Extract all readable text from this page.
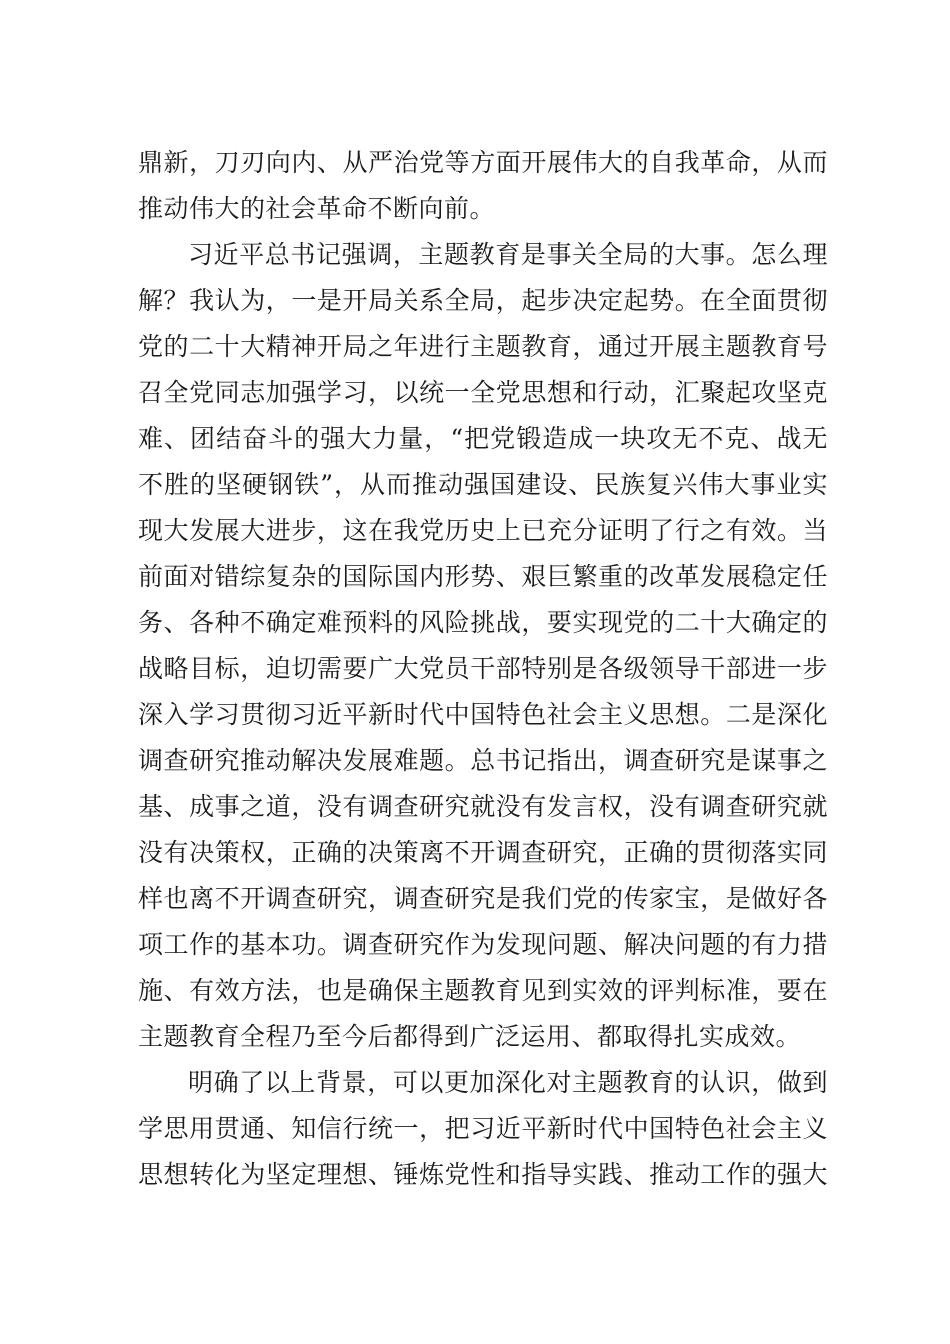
鼎新，刀刃向内、从严治党等方面开展伟大的自我革命，从而
推动伟大的社会革命不断向前。
习近平总书记强调，主题教育是事关全局的大事。怎么理
解？我认为，一是开局关系全局，起步决定起势。在全面贯彻
党的二十大精神开局之年进行主题教育，通过开展主题教育号
召全党同志加强学习，以统一全党思想和行动，汇聚起攻坚克
难、团结奋斗的强大力量，“把党锻造成一块攻无不克、战无
不胜的坚硬钢铁”，从而推动强国建设、民族复兴伟大事业实
现大发展大进步，这在我党历史上已充分证明了行之有效。当
前面对错综复杂的国际国内形势、艰巨繁重的改革发展稳定任
务、各种不确定难预料的风险挑战，要实现党的二十大确定的
战略目标，迫切需要广大党员干部特别是各级领导干部进一步
深入学习贯彻习近平新时代中国特色社会主义思想。二是深化
调查研究推动解决发展难题。总书记指出，调查研究是谋事之
基、成事之道，没有调查研究就没有发言权，没有调查研究就
没有决策权，正确的决策离不开调查研究，正确的贯彻落实同
样也离不开调查研究，调查研究是我们党的传家宝，是做好各
项工作的基本功。调查研究作为发现问题、解决问题的有力措
施、有效方法，也是确保主题教育见到实效的评判标准，要在
主题教育全程乃至今后都得到广泛运用、都取得扎实成效。
明确了以上背景，可以更加深化对主题教育的认识，做到
学思用贯通、知信行统一，把习近平新时代中国特色社会主义
思想转化为坚定理想、锤炼党性和指导实践、推动工作的强大
